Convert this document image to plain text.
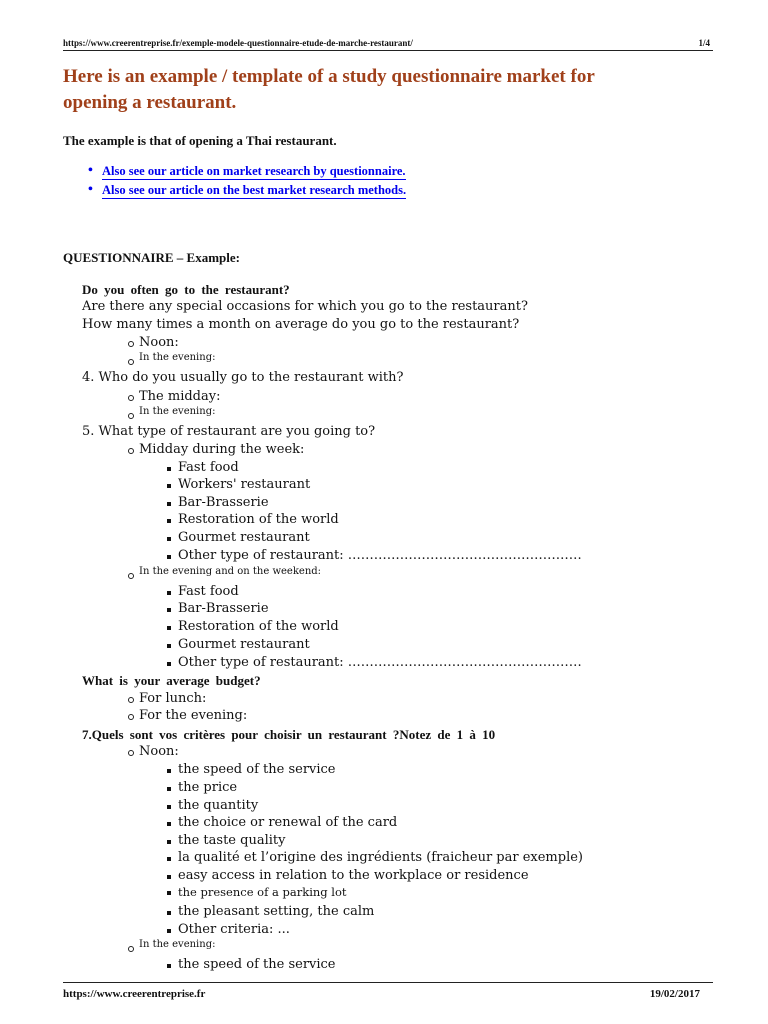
https://www.creerentreprise.fr/exemple-modele-questionnaire-etude-de-marche-restaurant/	1/4
Here is an example / template of a study questionnaire market for opening a restaurant.
The example is that of opening a Thai restaurant.
Also see our article on market research by questionnaire.
Also see our article on the best market research methods.
QUESTIONNAIRE – Example:
Do you often go to the restaurant?
Are there any special occasions for which you go to the restaurant?
How many times a month on average do you go to the restaurant?
Noon:
In the evening:
4. Who do you usually go to the restaurant with?
The midday:
In the evening:
5. What type of restaurant are you going to?
Midday during the week:
Fast food
Workers' restaurant
Bar-Brasserie
Restoration of the world
Gourmet restaurant
Other type of restaurant: ………………………………………………
In the evening and on the weekend:
Fast food
Bar-Brasserie
Restoration of the world
Gourmet restaurant
Other type of restaurant: ………………………………………………
What is your average budget?
For lunch:
For the evening:
7.Quels sont vos critères pour choisir un restaurant ?Notez de 1 à 10
Noon:
the speed of the service
the price
the quantity
the choice or renewal of the card
the taste quality
la qualité et l’origine des ingrédients (fraicheur par exemple)
easy access in relation to the workplace or residence
the presence of a parking lot
the pleasant setting, the calm
Other criteria: ...
In the evening:
the speed of the service
https://www.creerentreprise.fr	19/02/2017
